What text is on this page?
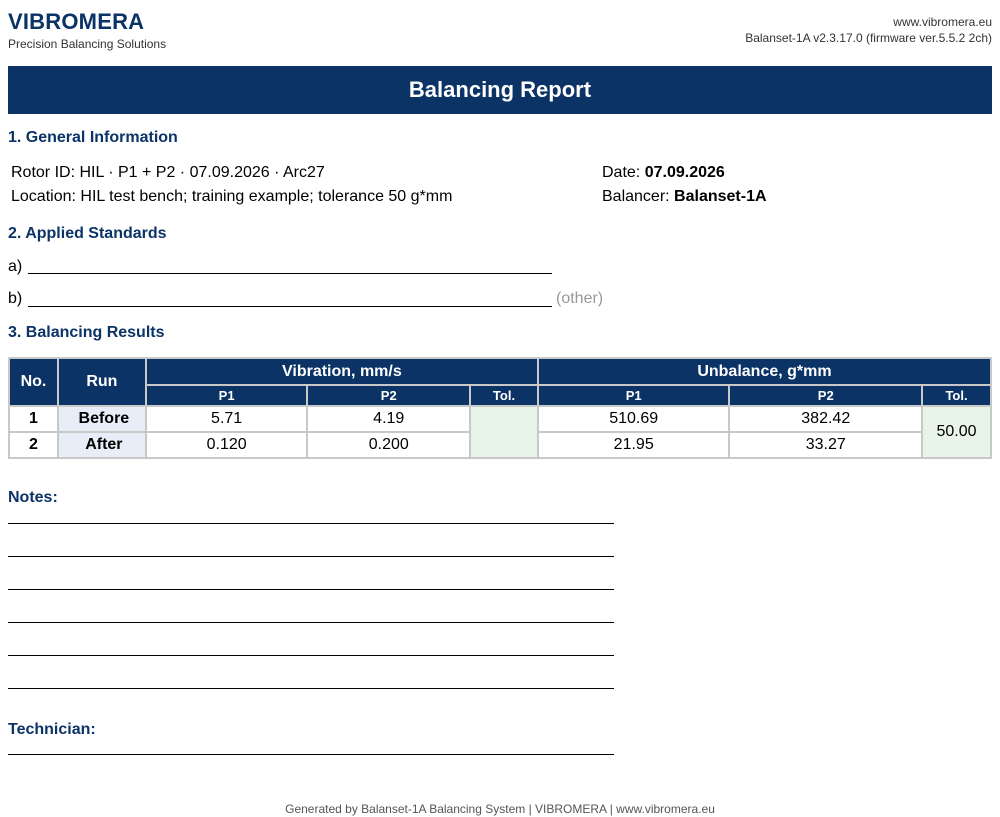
VIBROMERA
Precision Balancing Solutions
www.vibromera.eu
Balanset-1A v2.3.17.0 (firmware ver.5.5.2 2ch)
Balancing Report
1. General Information
Rotor ID: HIL · P1 + P2 · 07.09.2026 · Arc27
Location: HIL test bench; training example; tolerance 50 g*mm
Date: 07.09.2026
Balancer: Balanset-1A
2. Applied Standards
a)
b)	(other)
3. Balancing Results
No.	Run	Vibration, mm/s			Unbalance, g*mm		
		P1	P2	Tol.	P1	P2	Tol.
1	Before	5.71	4.19		510.69	382.42	50.00
2	After	0.120	0.200		21.95	33.27	
Notes:
Technician:
Generated by Balanset-1A Balancing System | VIBROMERA | www.vibromera.eu
